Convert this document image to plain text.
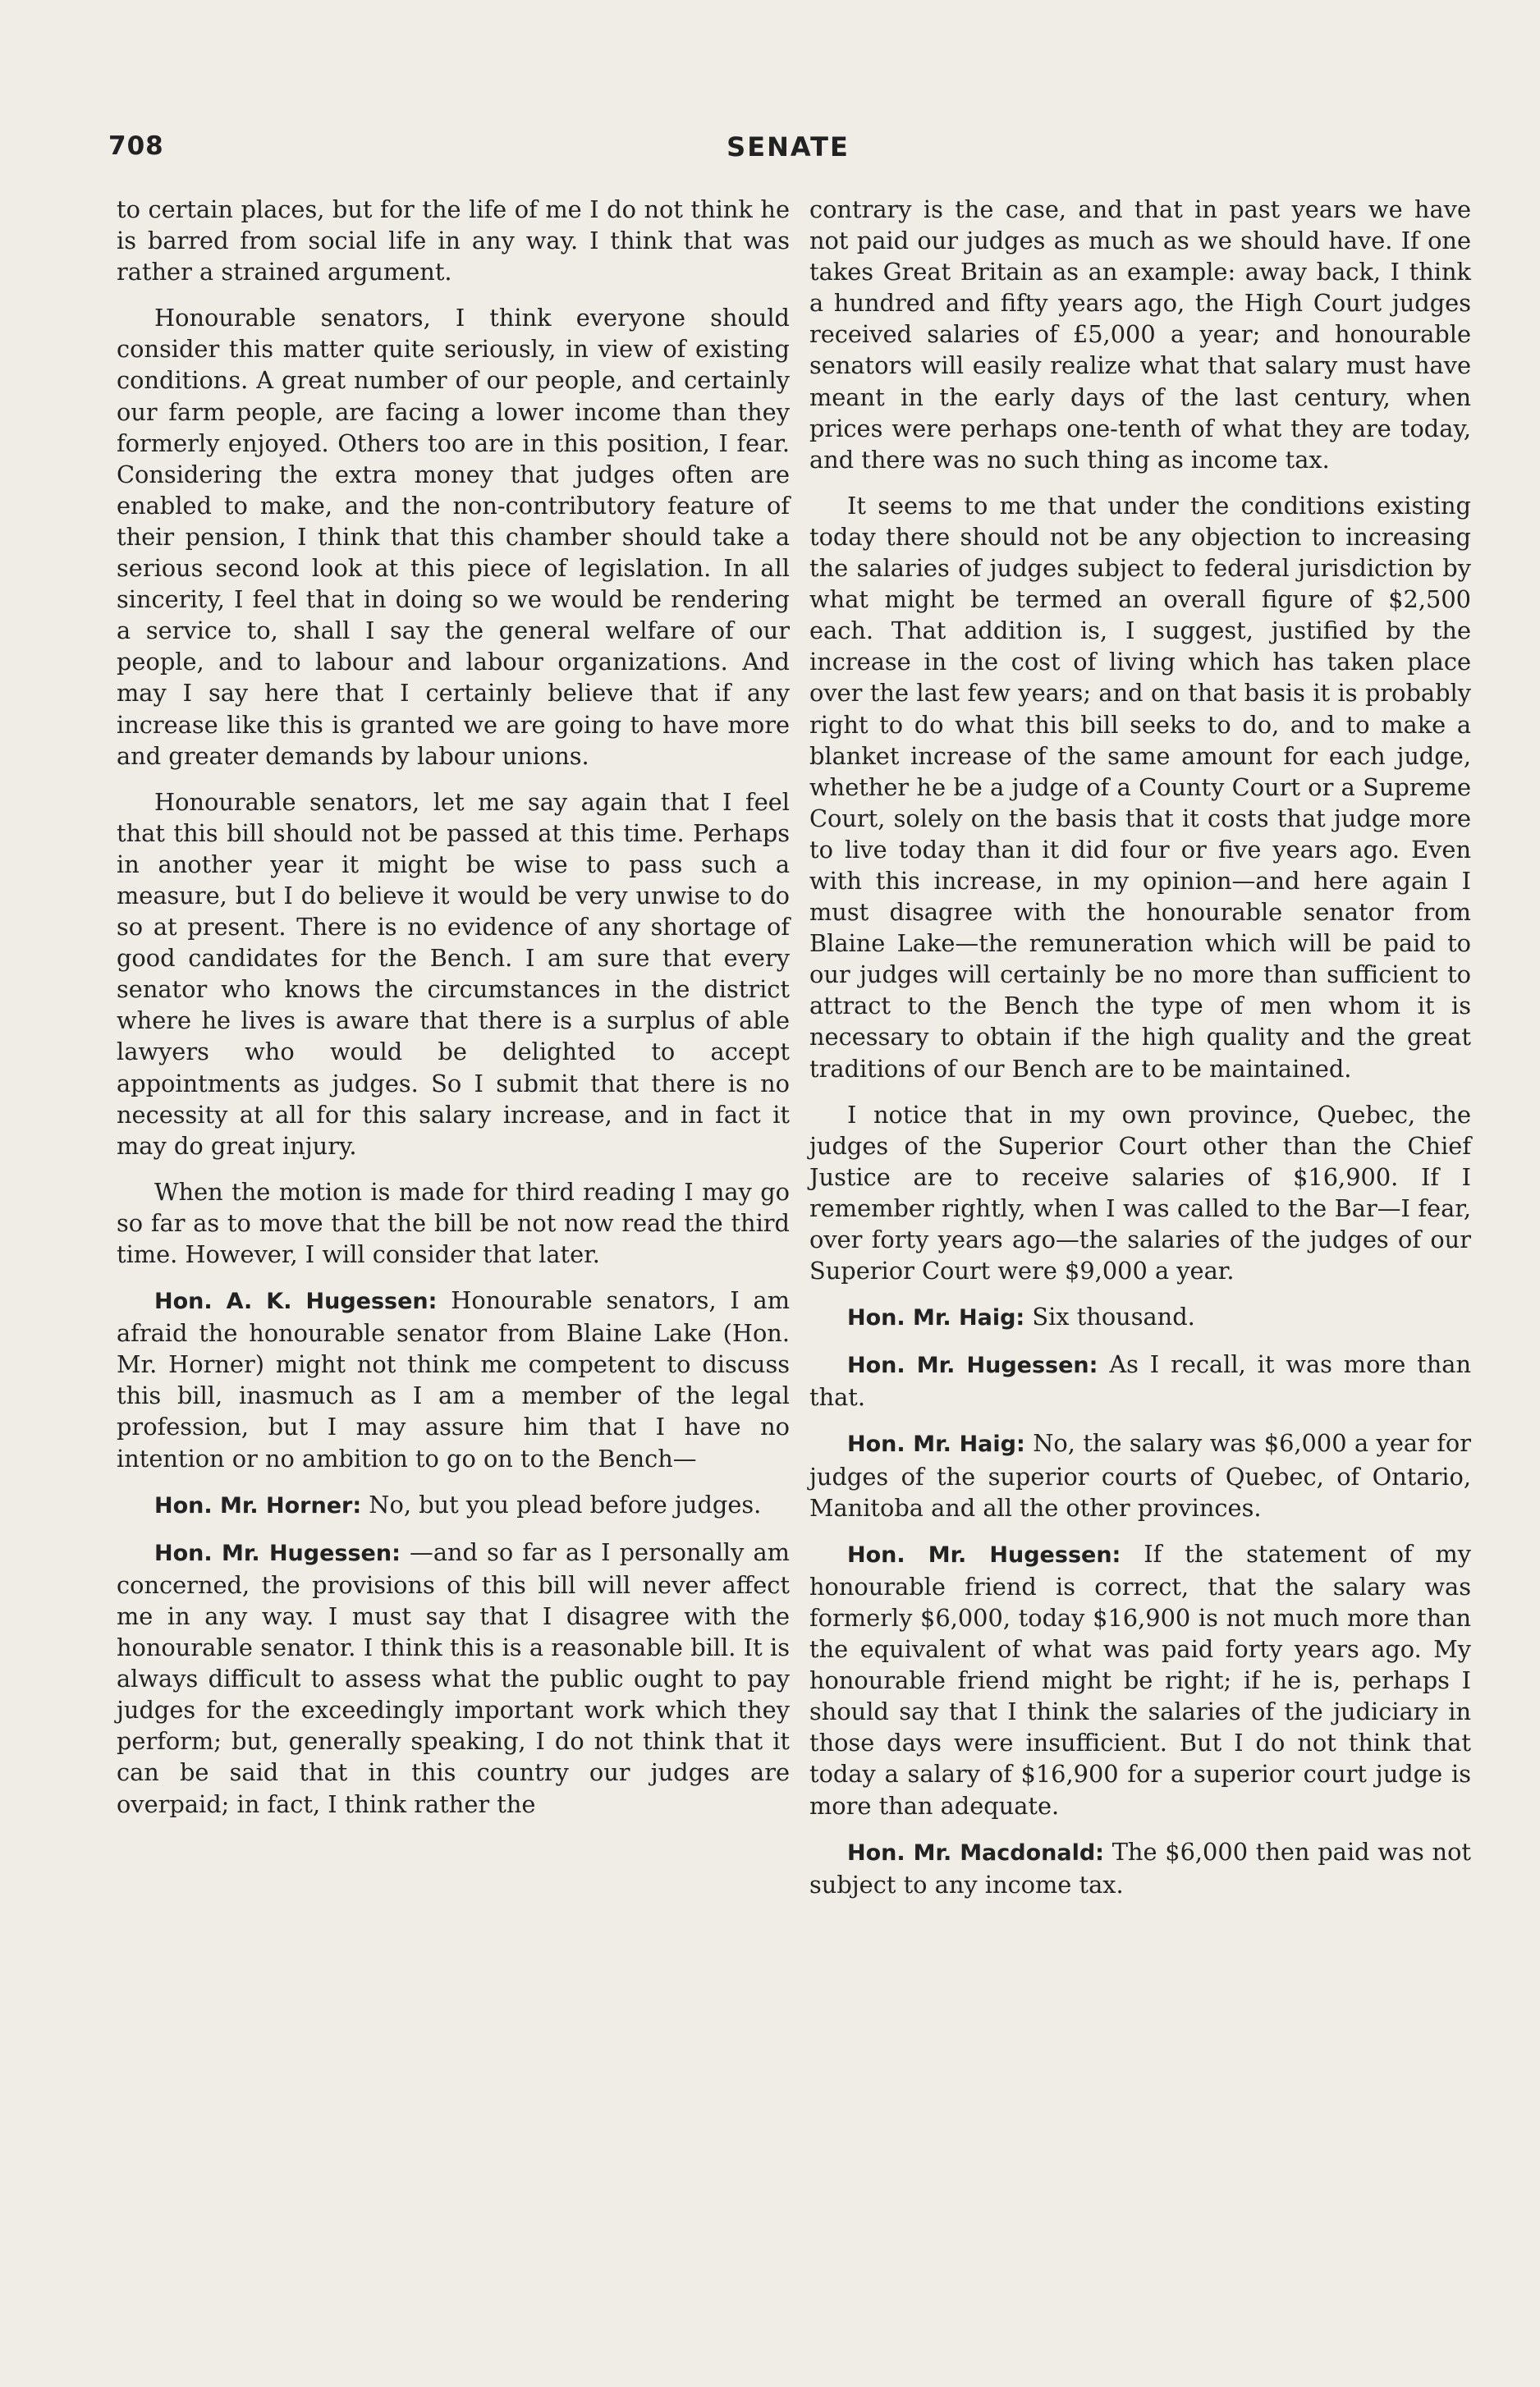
708	SENATE

to certain places, but for the life of me I do not think he is barred from social life in any way. I think that was rather a strained argument.

Honourable senators, I think everyone should consider this matter quite seriously, in view of existing conditions. A great number of our people, and certainly our farm people, are facing a lower income than they formerly enjoyed. Others too are in this position, I fear. Considering the extra money that judges often are enabled to make, and the non-contributory feature of their pension, I think that this chamber should take a serious second look at this piece of legislation. In all sincerity, I feel that in doing so we would be rendering a service to, shall I say the general welfare of our people, and to labour and labour organizations. And may I say here that I certainly believe that if any increase like this is granted we are going to have more and greater demands by labour unions.

Honourable senators, let me say again that I feel that this bill should not be passed at this time. Perhaps in another year it might be wise to pass such a measure, but I do believe it would be very unwise to do so at present. There is no evidence of any shortage of good candidates for the Bench. I am sure that every senator who knows the circumstances in the district where he lives is aware that there is a surplus of able lawyers who would be delighted to accept appointments as judges. So I submit that there is no necessity at all for this salary increase, and in fact it may do great injury.

When the motion is made for third reading I may go so far as to move that the bill be not now read the third time. However, I will consider that later.

Hon. A. K. Hugessen: Honourable senators, I am afraid the honourable senator from Blaine Lake (Hon. Mr. Horner) might not think me competent to discuss this bill, inasmuch as I am a member of the legal profession, but I may assure him that I have no intention or no ambition to go on to the Bench—

Hon. Mr. Horner: No, but you plead before judges.

Hon. Mr. Hugessen: —and so far as I personally am concerned, the provisions of this bill will never affect me in any way. I must say that I disagree with the honourable senator. I think this is a reasonable bill. It is always difficult to assess what the public ought to pay judges for the exceedingly important work which they perform; but, generally speaking, I do not think that it can be said that in this country our judges are overpaid; in fact, I think rather the

contrary is the case, and that in past years we have not paid our judges as much as we should have. If one takes Great Britain as an example: away back, I think a hundred and fifty years ago, the High Court judges received salaries of £5,000 a year; and honourable senators will easily realize what that salary must have meant in the early days of the last century, when prices were perhaps one-tenth of what they are today, and there was no such thing as income tax.

It seems to me that under the conditions existing today there should not be any objection to increasing the salaries of judges subject to federal jurisdiction by what might be termed an overall figure of $2,500 each. That addition is, I suggest, justified by the increase in the cost of living which has taken place over the last few years; and on that basis it is probably right to do what this bill seeks to do, and to make a blanket increase of the same amount for each judge, whether he be a judge of a County Court or a Supreme Court, solely on the basis that it costs that judge more to live today than it did four or five years ago. Even with this increase, in my opinion—and here again I must disagree with the honourable senator from Blaine Lake—the remuneration which will be paid to our judges will certainly be no more than sufficient to attract to the Bench the type of men whom it is necessary to obtain if the high quality and the great traditions of our Bench are to be maintained.

I notice that in my own province, Quebec, the judges of the Superior Court other than the Chief Justice are to receive salaries of $16,900. If I remember rightly, when I was called to the Bar—I fear, over forty years ago—the salaries of the judges of our Superior Court were $9,000 a year.

Hon. Mr. Haig: Six thousand.

Hon. Mr. Hugessen: As I recall, it was more than that.

Hon. Mr. Haig: No, the salary was $6,000 a year for judges of the superior courts of Quebec, of Ontario, Manitoba and all the other provinces.

Hon. Mr. Hugessen: If the statement of my honourable friend is correct, that the salary was formerly $6,000, today $16,900 is not much more than the equivalent of what was paid forty years ago. My honourable friend might be right; if he is, perhaps I should say that I think the salaries of the judiciary in those days were insufficient. But I do not think that today a salary of $16,900 for a superior court judge is more than adequate.

Hon. Mr. Macdonald: The $6,000 then paid was not subject to any income tax.
